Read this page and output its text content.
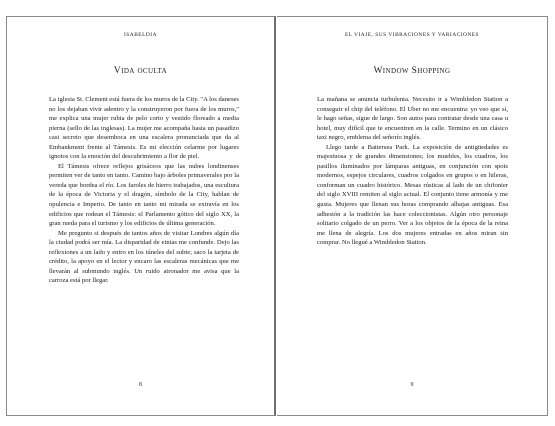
ISABELDIA
Vida oculta

La iglesia St. Clement está fuera de los muros de la City. "A los daneses no los dejaban vivir adentro y la construyeron por fuera de los muros," me explica una mujer rubia de pelo corto y vestido floreado a media pierna (sello de las inglesas). La mujer me acompaña hasta un pasadizo casi secreto que desemboca en una escalera pronunciada que da al Embankment frente al Támesis. Es mi elección celarme por lugares ignotos con la emoción del descubrimiento a flor de piel.

El Támesis ofrece reflejos grisáceos que las nubes londinenses permiten ver de tanto en tanto. Camino bajo árboles primaverales por la vereda que bordea el río. Los faroles de hierro trabajados, una escultura de la época de Victoria y el dragón, símbolo de la City, hablan de opulencia e Imperio. De tanto en tanto mi mirada se extravía en los edificios que rodean el Támesis: el Parlamento gótico del siglo XX, la gran rueda para el turismo y los edificios de última generación.

Me pregunto si después de tantos años de visitar Londres algún día la ciudad podrá ser mía. La disparidad de etnias me confunde. Dejo las reflexiones a un lado y entro en los túneles del subte; saco la tarjeta de crédito, la apoyo en el lector y encaro las escaleras mecánicas que me llevarán al submundo inglés. Un ruido atronador me avisa que la carroza está por llegar.

8
EL VIAJE, SUS VIBRACIONES Y VARIACIONES
Window Shopping

La mañana se anuncia turbulenta. Necesito ir a Wimbledon Station a conseguir el chip del teléfono. El Uber no me encuentra: yo veo que sí, le hago señas, sigue de largo. Son autos para contratar desde una casa u hotel, muy difícil que te encuentren en la calle. Termino en un clásico taxi negro, emblema del señorío inglés.

Llego tarde a Battersea Park. La exposición de antigüedades es majestuosa y de grandes dimensiones; los muebles, los cuadros, los pasillos iluminados por lámparas antiguas, en conjunción con spots modernos, espejos circulares, cuadros colgados en grupos o en hileras, conforman un cuadro histórico. Mesas rústicas al lado de un chifonier del siglo XVIII remiten al siglo actual. El conjunto tiene armonía y me gusta. Mujeres que llenan sus horas comprando alhajas antiguas. Esa adhesión a la tradición las hace coleccionistas. Algún otro personaje solitario colgado de un perro. Ver a los objetos de la época de la reina me llena de alegría. Los dos mujeres entradas en años miran sin comprar. No llegué a Wimbledon Station.

9
